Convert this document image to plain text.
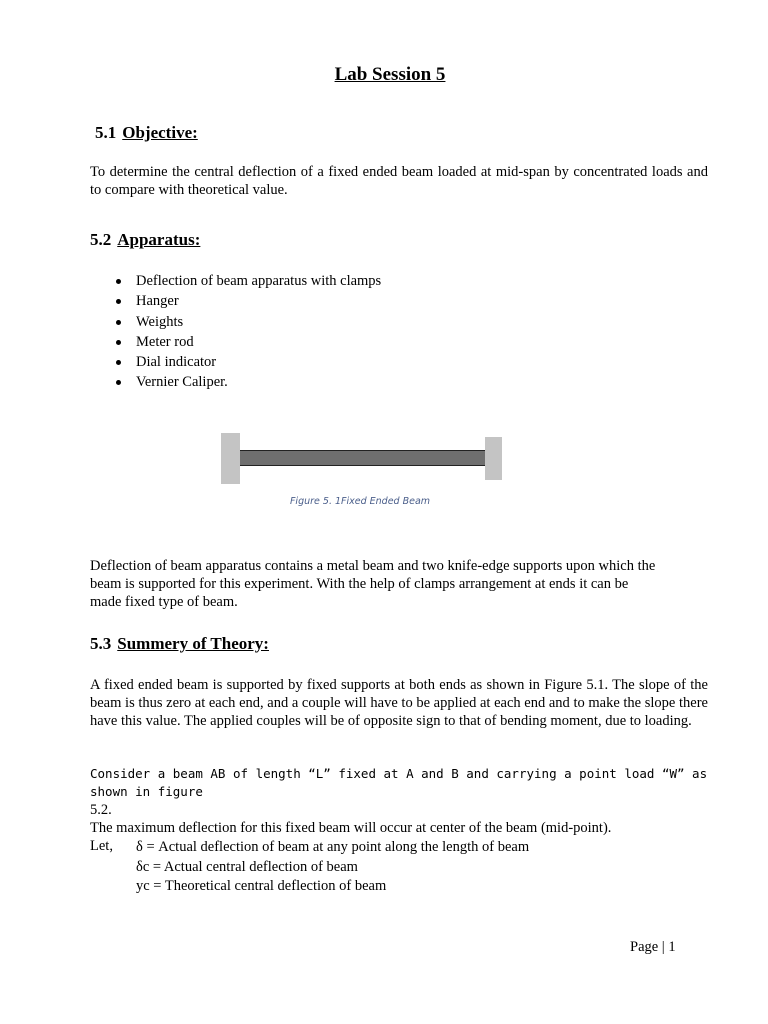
Lab Session 5
5.1 Objective:
To determine the central deflection of a fixed ended beam loaded at mid-span by concentrated loads and to compare with theoretical value.
5.2 Apparatus:
Deflection of beam apparatus with clamps
Hanger
Weights
Meter rod
Dial indicator
Vernier Caliper.
Figure 5. 1Fixed Ended Beam
Deflection of beam apparatus contains a metal beam and two knife-edge supports upon which the beam is supported for this experiment. With the help of clamps arrangement at ends it can be made fixed type of beam.
5.3 Summery of Theory:
A fixed ended beam is supported by fixed supports at both ends as shown in Figure 5.1. The slope of the beam is thus zero at each end, and a couple will have to be applied at each end and to make the slope there have this value. The applied couples will be of opposite sign to that of bending moment, due to loading.
Consider a beam AB of length “L” fixed at A and B and carrying a point load “W” as shown in figure
5.2.
The maximum deflection for this fixed beam will occur at center of the beam (mid-point).
Let,	δ = Actual deflection of beam at any point along the length of beam
δc = Actual central deflection of beam
yc = Theoretical central deflection of beam
Page | 1
